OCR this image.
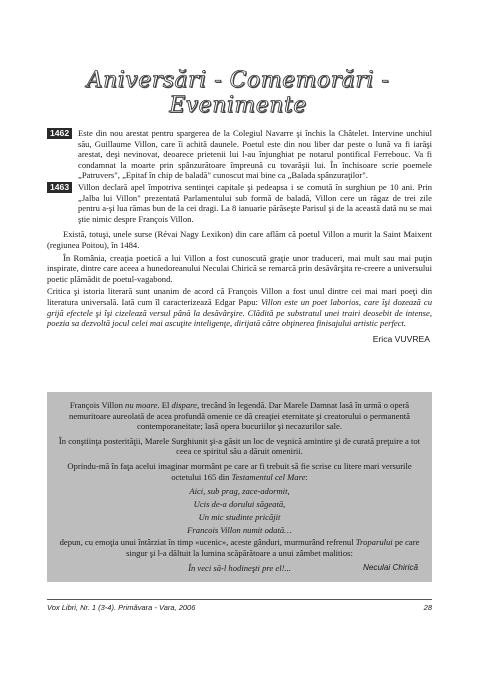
Aniversări - Comemorări - Evenimente
1462	Este din nou arestat pentru spargerea de la Colegiul Navarre şi închis la Châtelet. Intervine unchiul său, Guillaume Villon, care îi achită daunele. Poetul este din nou liber dar peste o lună va fi iarăşi arestat, deşi nevinovat, deoarece prietenii lui l-au înjunghiat pe notarul pontifical Ferrebouc. Va fi condamnat la moarte prin spânzurătoare împreună cu tovarăşii lui. În închisoare scrie poemele „Patruvers", „Epitaf în chip de baladă" cunoscut mai bine ca „Balada spânzuraţilor".
1463	Villon declară apel împotriva sentinţei capitale şi pedeapsa i se comută în surghiun pe 10 ani. Prin „Jalba lui Villon" prezentată Parlamentului sub formă de baladă, Villon cere un răgaz de trei zile pentru a-şi lua rămas bun de la cei dragi. La 8 ianuarie părăseşte Parisul şi de la această dată nu se mai ştie nimic despre François Villon.
Există, totuşi, unele surse (Révai Nagy Lexikon) din care aflăm că poetul Villon a murit la Saint Maixent (regiunea Poitou), în 1484.
În România, creaţia poetică a lui Villon a fost cunoscută graţie unor traduceri, mai mult sau mai puţin inspirate, dintre care aceea a hunedoreanului Neculai Chirică se remarcă prin desăvârşita re-creere a universului poetic plămădit de poetul-vagabond.
Critica şi istoria literară sunt unanim de acord că François Villon a fost unul dintre cei mai mari poeţi din literatura universală. Iată cum îl caracterizează Edgar Papu: Villon este un poet laborios, care îşi dozează cu grijă efectele şi îşi cizelează versul până la desăvârşire. Clădită pe substratul unei trairi deosebit de intense, poezia sa dezvoltă jocul celei mai ascuţite inteligenţe, dirijată către obţinerea finisajului artistic perfect.
Erica VUVREA
François Villon nu moare. El dispare, trecând în legendă. Dar Marele Damnat lasă în urmă o operă nemuritoare aureolată de acea profundă omenie ce dă creaţiei eternitate şi creatorului o permanentă contemporaneitate; lasă opera bucuriilor şi necazurilor sale.
În conştiinţa posterităţii, Marele Surghiunit şi-a găsit un loc de veşnică amintire şi de curată preţuire a tot ceea ce spiritul său a dăruit omenirii.
Oprindu-mă în faţa acelui imaginar mormânt pe care ar fi trebuit să fie scrise cu litere mari versurile octetului 165 din Testamentul cel Mare:
Aici, sub prag, zace-adormit,
Ucis de-a dorului săgeată,
Un mic studinte pricăjit
Francois Villon numit odată…
depun, cu emoţia unui întârziat în timp «ucenic», aceste gânduri, murmurând refrenul Troparului pe care singur şi l-a dăltuit la lumina scăpărătoare a unui zâmbet malitios:
În veci să-l hodineşti pre el!...	Neculai Chirică
Vox Libri, Nr. 1 (3-4). Primăvara - Vara, 2006	28
